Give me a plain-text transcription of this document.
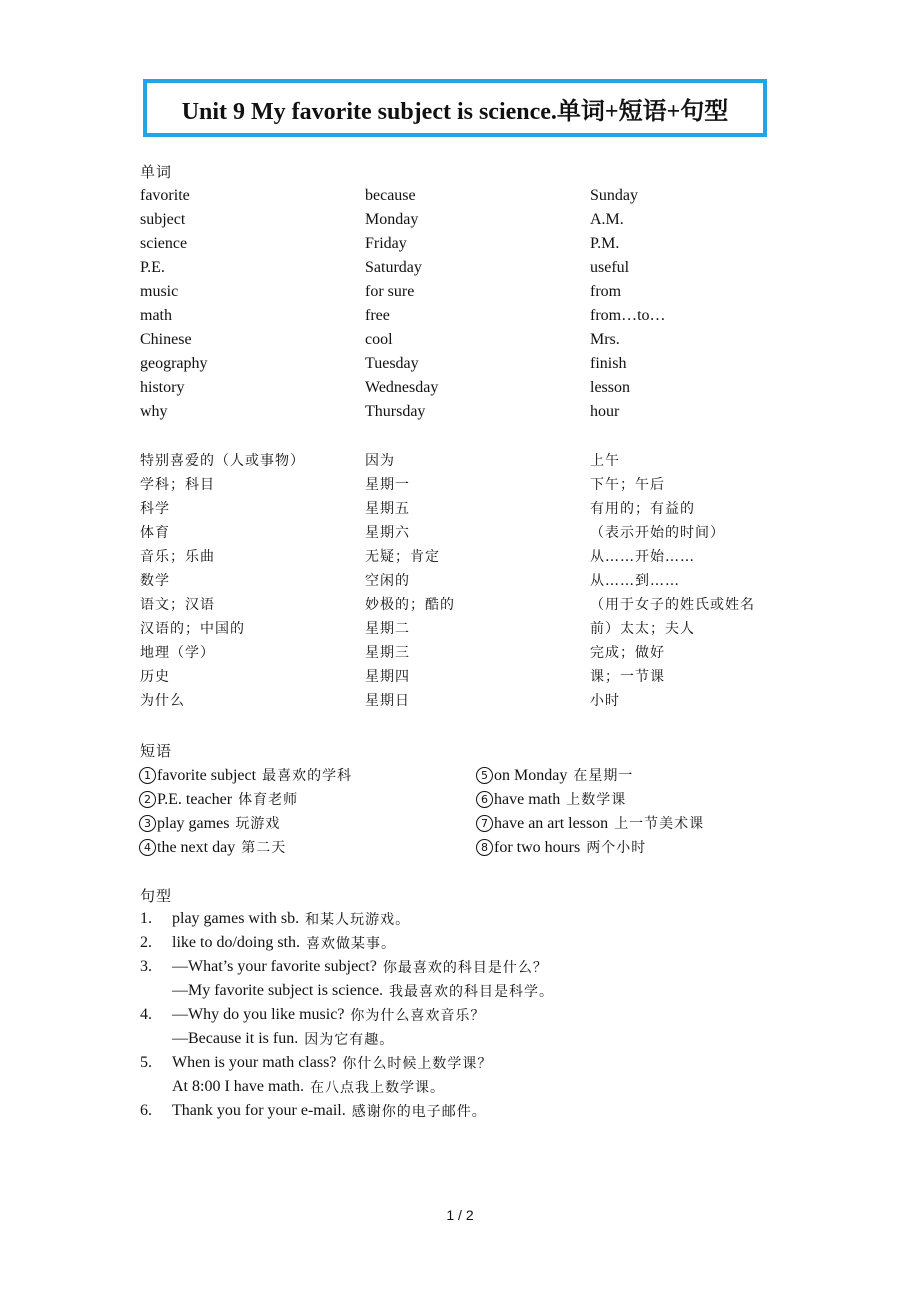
Unit 9 My favorite subject is science.单词+短语+句型
单词
favorite	because	Sunday
subject	Monday	A.M.
science	Friday	P.M.
P.E.	Saturday	useful
music	for sure	from
math	free	from…to…
Chinese	cool	Mrs.
geography	Tuesday	finish
history	Wednesday	lesson
why	Thursday	hour
特别喜爱的（人或事物）	因为	上午
学科；科目	星期一	下午；午后
科学	星期五	有用的；有益的
体育	星期六	（表示开始的时间）
音乐；乐曲	无疑；肯定	从……开始……
数学	空闲的	从……到……
语文；汉语	妙极的；酷的	（用于女子的姓氏或姓名
汉语的；中国的	星期二	前）太太；夫人
地理（学）	星期三	完成；做好
历史	星期四	课；一节课
为什么	星期日	小时
短语
1 favorite subject 最喜欢的学科	5 on Monday 在星期一
2 P.E. teacher 体育老师	6 have math 上数学课
3 play games 玩游戏	7 have an art lesson 上一节美术课
4 the next day 第二天	8 for two hours 两个小时
句型
1.	play games with sb. 和某人玩游戏。
2.	like to do/doing sth. 喜欢做某事。
3.	—What’s your favorite subject? 你最喜欢的科目是什么？
—My favorite subject is science. 我最喜欢的科目是科学。
4.	—Why do you like music? 你为什么喜欢音乐？
—Because it is fun. 因为它有趣。
5.	When is your math class? 你什么时候上数学课？
At 8:00 I have math. 在八点我上数学课。
6.	Thank you for your e-mail. 感谢你的电子邮件。
1 / 2
